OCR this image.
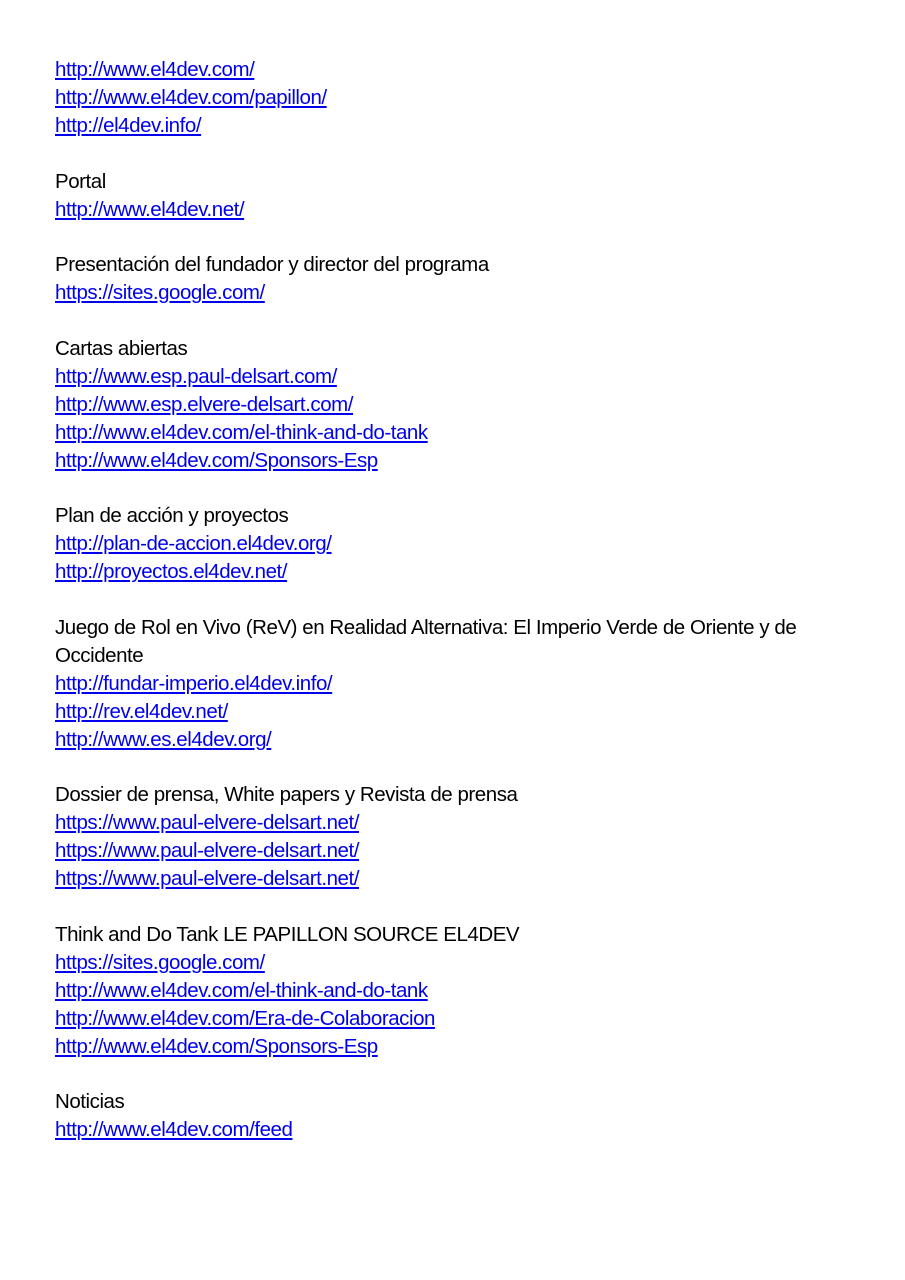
http://www.el4dev.com/
http://www.el4dev.com/papillon/
http://el4dev.info/
Portal
http://www.el4dev.net/
Presentación del fundador y director del programa
https://sites.google.com/
Cartas abiertas
http://www.esp.paul-delsart.com/
http://www.esp.elvere-delsart.com/
http://www.el4dev.com/el-think-and-do-tank
http://www.el4dev.com/Sponsors-Esp
Plan de acción y proyectos
http://plan-de-accion.el4dev.org/
http://proyectos.el4dev.net/
Juego de Rol en Vivo (ReV) en Realidad Alternativa: El Imperio Verde de Oriente y de Occidente
http://fundar-imperio.el4dev.info/
http://rev.el4dev.net/
http://www.es.el4dev.org/
Dossier de prensa, White papers y Revista de prensa
https://www.paul-elvere-delsart.net/
https://www.paul-elvere-delsart.net/
https://www.paul-elvere-delsart.net/
Think and Do Tank LE PAPILLON SOURCE EL4DEV
https://sites.google.com/
http://www.el4dev.com/el-think-and-do-tank
http://www.el4dev.com/Era-de-Colaboracion
http://www.el4dev.com/Sponsors-Esp
Noticias
http://www.el4dev.com/feed
